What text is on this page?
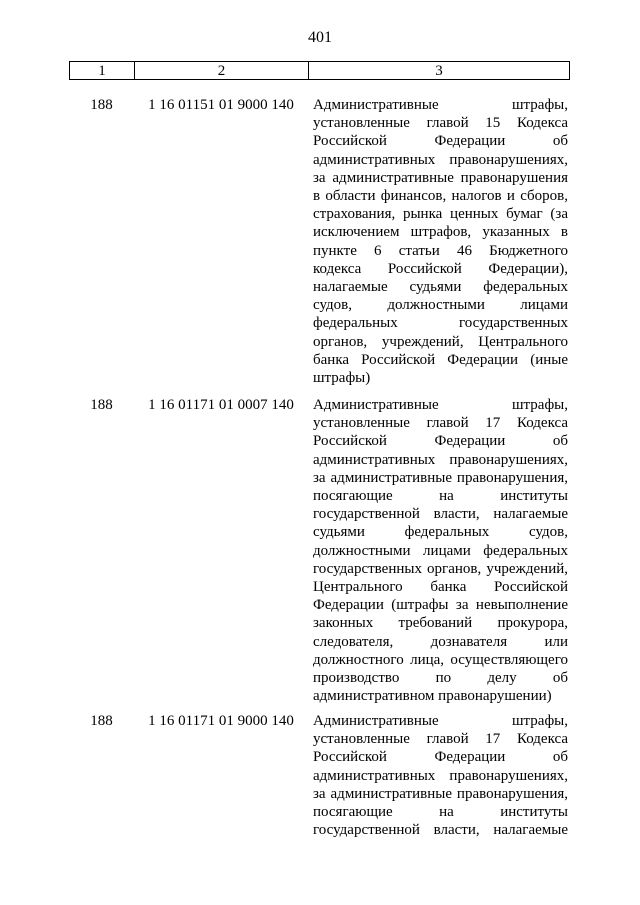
401
1	2	3
188	1 16 01151 01 9000 140	Административные	штрафы,
установленные главой 15 Кодекса
Российской	Федерации	об
административных правонарушениях,
за административные правонарушения
в области финансов, налогов и сборов,
страхования, рынка ценных бумаг (за
исключением штрафов, указанных в
пункте 6 статьи 46 Бюджетного
кодекса Российской Федерации),
налагаемые судьями федеральных
судов, должностными лицами
федеральных	государственных
органов, учреждений, Центрального
банка Российской Федерации (иные
штрафы)
188	1 16 01171 01 0007 140	Административные	штрафы,
установленные главой 17 Кодекса
Российской	Федерации	об
административных правонарушениях,
за административные правонарушения,
посягающие	на	институты
государственной власти, налагаемые
судьями	федеральных	судов,
должностными лицами федеральных
государственных органов, учреждений,
Центрального банка Российской
Федерации (штрафы за невыполнение
законных требований прокурора,
следователя, дознавателя или
должностного лица, осуществляющего
производство по делу об
административном правонарушении)
188	1 16 01171 01 9000 140	Административные	штрафы,
установленные главой 17 Кодекса
Российской	Федерации	об
административных правонарушениях,
за административные правонарушения,
посягающие	на	институты
государственной власти, налагаемые
